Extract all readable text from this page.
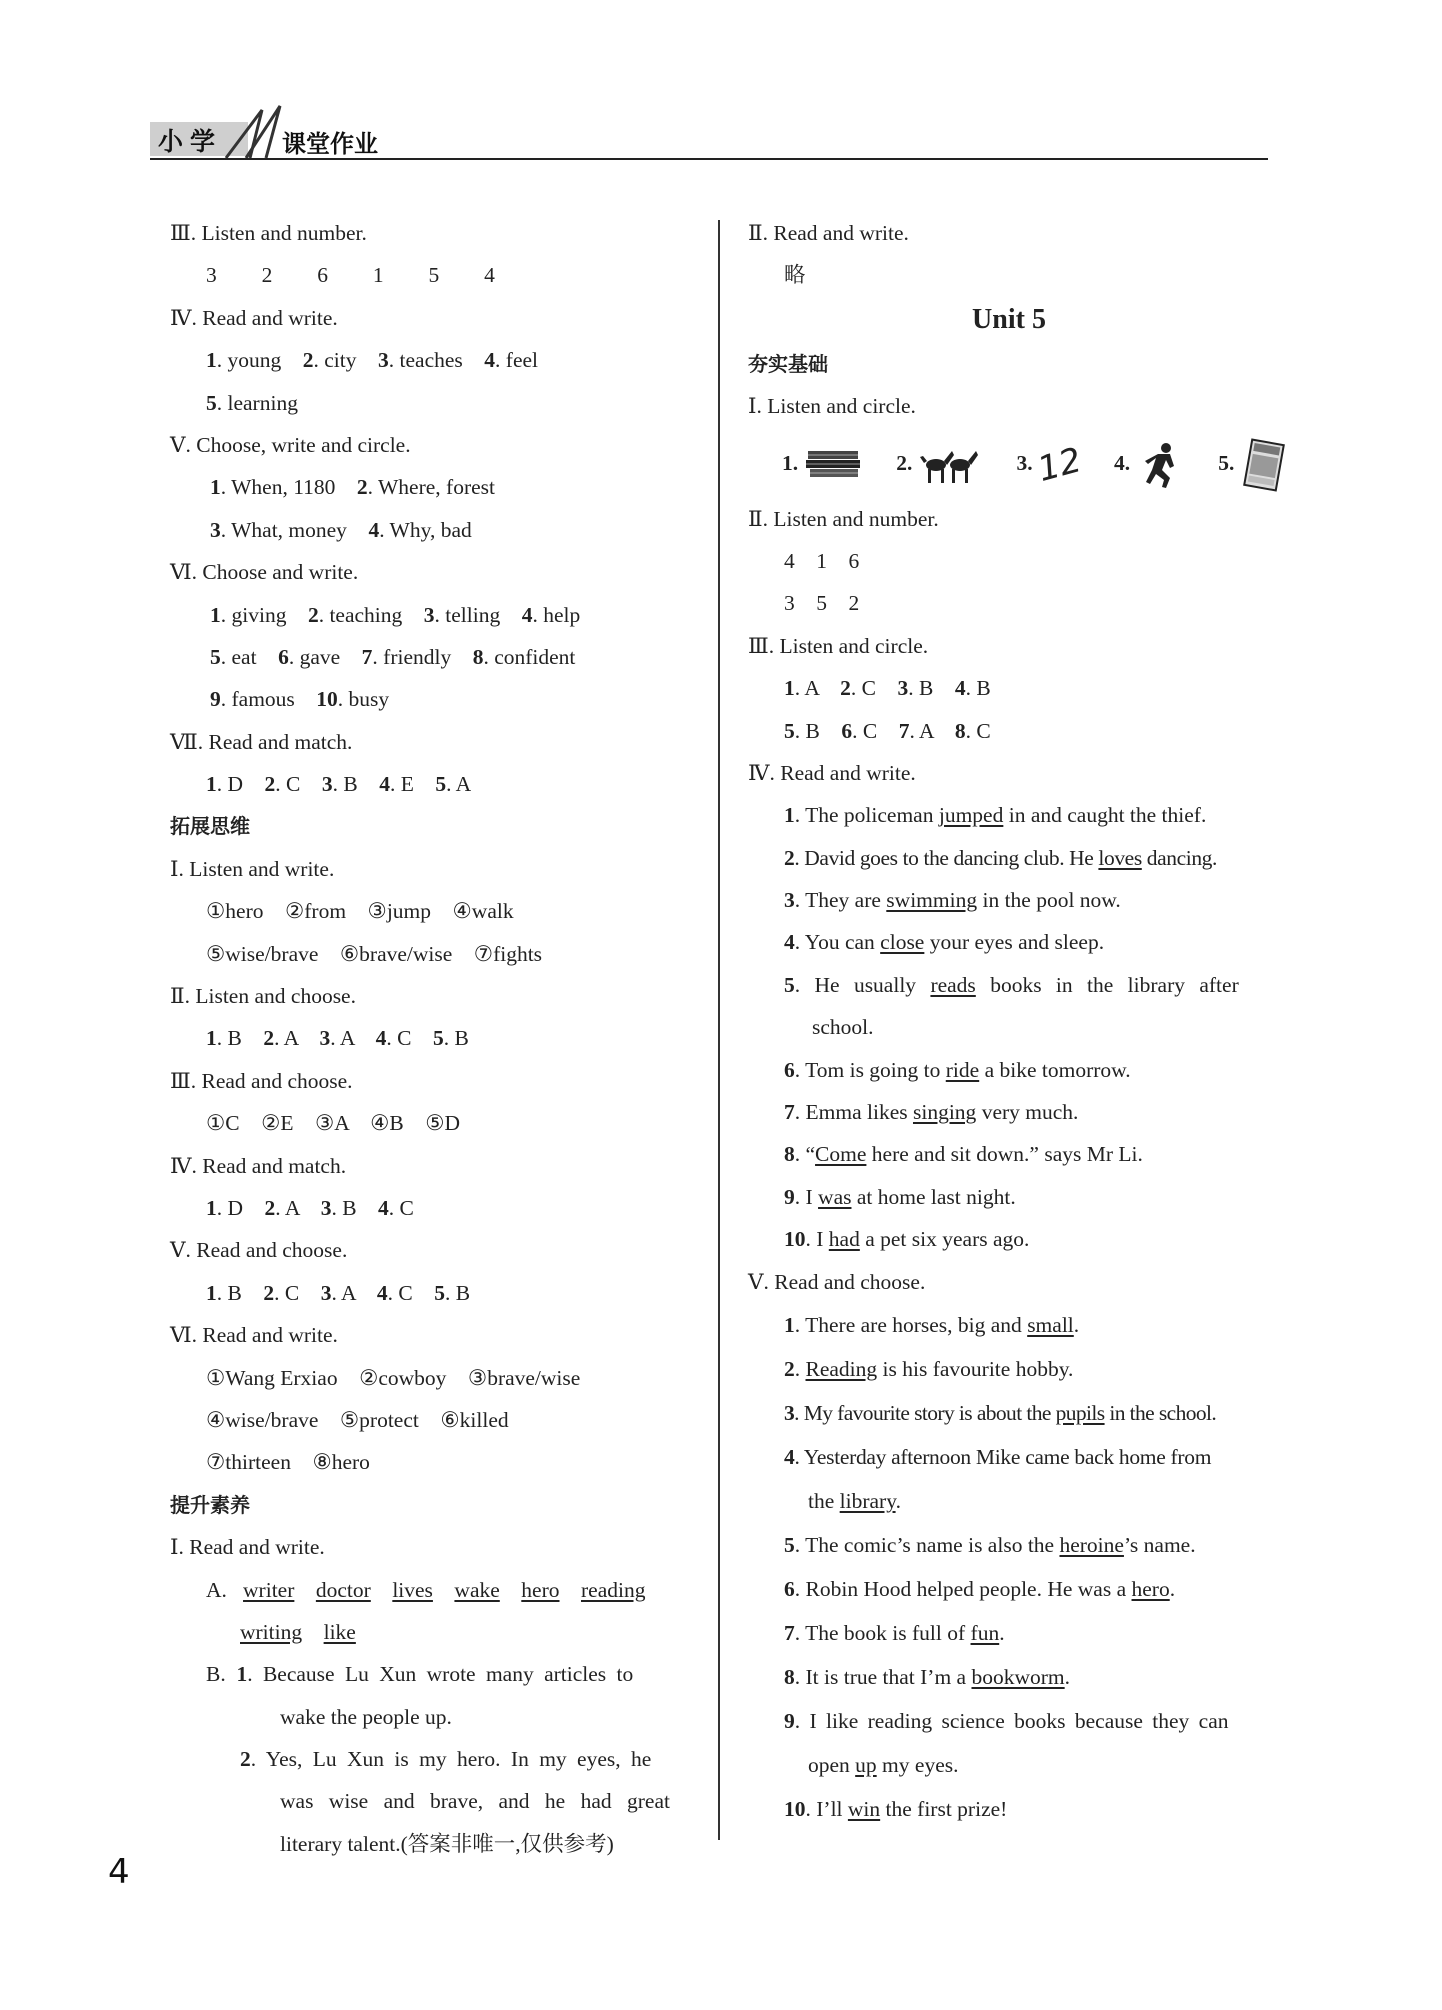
小学 课堂作业
Ⅲ. Listen and number.
3　 2　 6　 1　 5　 4
Ⅳ. Read and write.
1. young　2. city　3. teaches　4. feel
5. learning
Ⅴ. Choose, write and circle.
1. When, 1180　2. Where, forest
3. What, money　4. Why, bad
Ⅵ. Choose and write.
1. giving　2. teaching　3. telling　4. help
5. eat　6. gave　7. friendly　8. confident
9. famous　10. busy
Ⅶ. Read and match.
1. D　2. C　3. B　4. E　5. A
拓展思维
Ⅰ. Listen and write.
①hero　②from　③jump　④walk
⑤wise/brave　⑥brave/wise　⑦fights
Ⅱ. Listen and choose.
1. B　2. A　3. A　4. C　5. B
Ⅲ. Read and choose.
①C　②E　③A　④B　⑤D
Ⅳ. Read and match.
1. D　2. A　3. B　4. C
Ⅴ. Read and choose.
1. B　2. C　3. A　4. C　5. B
Ⅵ. Read and write.
①Wang Erxiao　②cowboy　③brave/wise
④wise/brave　⑤protect　⑥killed
⑦thirteen　⑧hero
提升素养
Ⅰ. Read and write.
A. writer doctor lives wake hero reading
writing like
B. 1. Because Lu Xun wrote many articles to
wake the people up.
2. Yes, Lu Xun is my hero. In my eyes, he
was wise and brave, and he had great
literary talent.(答案非唯一,仅供参考)
Ⅱ. Read and write.
略
Unit 5
夯实基础
Ⅰ. Listen and circle.
1.	2.	3. 12 4.	5.
Ⅱ. Listen and number.
4　1　6
3　5　2
Ⅲ. Listen and circle.
1. A　2. C　3. B　4. B
5. B　6. C　7. A　8. C
Ⅳ. Read and write.
1. The policeman jumped in and caught the thief.
2. David goes to the dancing club. He loves dancing.
3. They are swimming in the pool now.
4. You can close your eyes and sleep.
5. He usually reads books in the library after
school.
6. Tom is going to ride a bike tomorrow.
7. Emma likes singing very much.
8. “Come here and sit down.” says Mr Li.
9. I was at home last night.
10. I had a pet six years ago.
Ⅴ. Read and choose.
1. There are horses, big and small.
2. Reading is his favourite hobby.
3. My favourite story is about the pupils in the school.
4. Yesterday afternoon Mike came back home from
the library.
5. The comic’s name is also the heroine’s name.
6. Robin Hood helped people. He was a hero.
7. The book is full of fun.
8. It is true that I’m a bookworm.
9. I like reading science books because they can
open up my eyes.
10. I’ll win the first prize!
4
